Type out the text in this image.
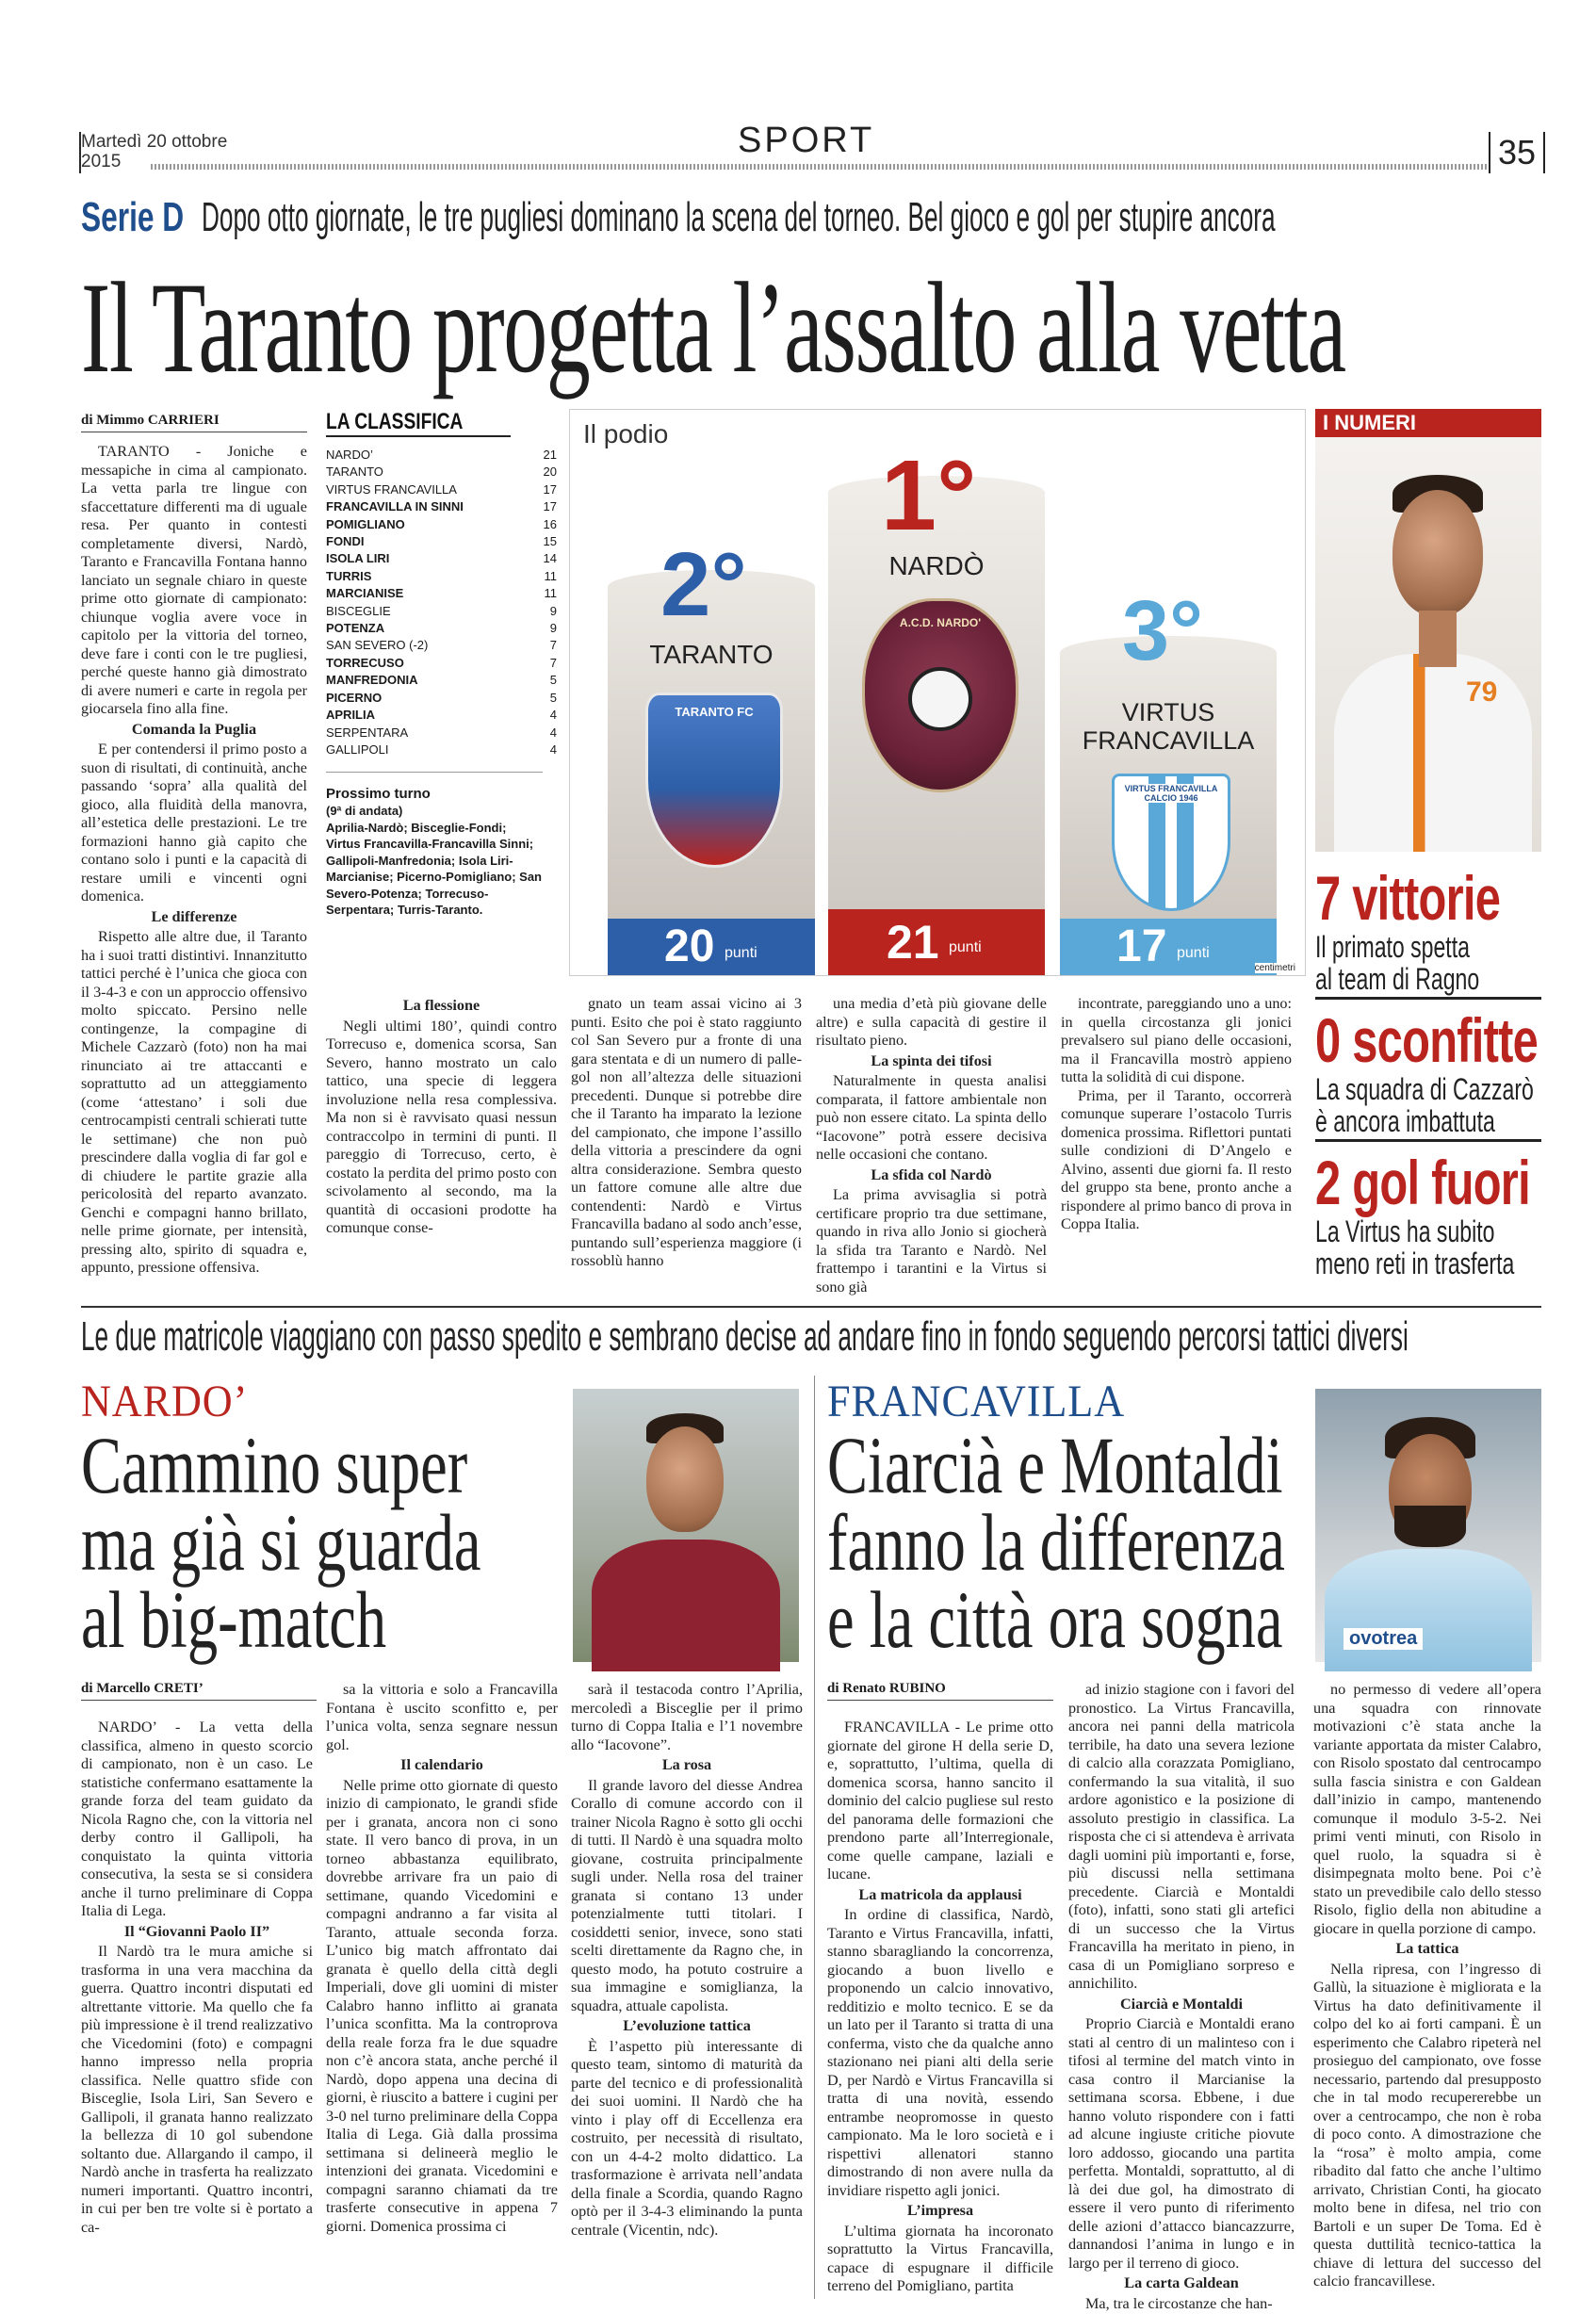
Martedì 20 ottobre
2015
SPORT	35
Serie D Dopo otto giornate, le tre pugliesi dominano la scena del torneo. Bel gioco e gol per stupire ancora
Il Taranto progetta l’assalto alla vetta
di Mimmo CARRIERI

TARANTO - Joniche e messapiche in cima al campionato. La vetta parla tre lingue con sfaccettature differenti ma di uguale resa. Per quanto in contesti completamente diversi, Nardò, Taranto e Francavilla Fontana hanno lanciato un segnale chiaro in queste prime otto giornate di campionato: chiunque voglia avere voce in capitolo per la vittoria del torneo, deve fare i conti con le tre pugliesi, perché queste hanno già dimostrato di avere numeri e carte in regola per giocarsela fino alla fine.

Comanda la Puglia

E per contendersi il primo posto a suon di risultati, di continuità, anche passando ‘sopra’ alla qualità del gioco, alla fluidità della manovra, all’estetica delle prestazioni. Le tre formazioni hanno già capito che contano solo i punti e la capacità di restare umili e vincenti ogni domenica.

Le differenze

Rispetto alle altre due, il Taranto ha i suoi tratti distintivi. Innanzitutto tattici perché è l’unica che gioca con il 3-4-3 e con un approccio offensivo molto spiccato. Persino nelle contingenze, la compagine di Michele Cazzarò (foto) non ha mai rinunciato ai tre attaccanti e soprattutto ad un atteggiamento (come ‘attestano’ i soli due centrocampisti centrali schierati tutte le settimane) che non può prescindere dalla voglia di far gol e di chiudere le partite grazie alla pericolosità del reparto avanzato. Genchi e compagni hanno brillato, nelle prime giornate, per intensità, pressing alto, spirito di squadra e, appunto, pressione offensiva.

LA CLASSIFICA
NARDO’	21
TARANTO	20
VIRTUS FRANCAVILLA	17
FRANCAVILLA IN SINNI	17
POMIGLIANO	16
FONDI	15
ISOLA LIRI	14
TURRIS	11
MARCIANISE	11
BISCEGLIE	9
POTENZA	9
SAN SEVERO (-2)	7
TORRECUSO	7
MANFREDONIA	5
PICERNO	5
APRILIA	4
SERPENTARA	4
GALLIPOLI	4
Prossimo turno
(9ª di andata)
Aprilia-Nardò; Bisceglie-Fondi; Virtus Francavilla-Francavilla Sinni; Gallipoli-Manfredonia; Isola Liri-Marcianise; Picerno-Pomigliano; San Severo-Potenza; Torrecuso-Serpentara; Turris-Taranto.
Il podio
1°
NARDÒ
A.C.D. NARDO'
21 punti
2°
TARANTO
TARANTO FC
20 punti
3°
VIRTUS
FRANCAVILLA
VIRTUS FRANCAVILLA CALCIO 1946
17 punti
centimetri

La flessione

Negli ultimi 180’, quindi contro Torrecuso e, domenica scorsa, San Severo, hanno mostrato un calo tattico, una specie di leggera involuzione nella resa complessiva. Ma non si è ravvisato quasi nessun contraccolpo in termini di punti. Il pareggio di Torrecuso, certo, è costato la perdita del primo posto con scivolamento al secondo, ma la quantità di occasioni prodotte ha comunque conse-

gnato un team assai vicino ai 3 punti. Esito che poi è stato raggiunto col San Severo pur a fronte di una gara stentata e di un numero di palle-gol non all’altezza delle situazioni precedenti. Dunque si potrebbe dire che il Taranto ha imparato la lezione del campionato, che impone l’assillo della vittoria a prescindere da ogni altra considerazione. Sembra questo un fattore comune alle altre due contendenti: Nardò e Virtus Francavilla badano al sodo anch’esse, puntando sull’esperienza maggiore (i rossoblù hanno

una media d’età più giovane delle altre) e sulla capacità di gestire il risultato pieno.

La spinta dei tifosi

Naturalmente in questa analisi comparata, il fattore ambientale non può non essere citato. La spinta dello “Iacovone” potrà essere decisiva nelle occasioni che contano.

La sfida col Nardò

La prima avvisaglia si potrà certificare proprio tra due settimane, quando in riva allo Jonio si giocherà la sfida tra Taranto e Nardò. Nel frattempo i tarantini e la Virtus si sono già

incontrate, pareggiando uno a uno: in quella circostanza gli jonici prevalsero sul piano delle occasioni, ma il Francavilla mostrò appieno tutta la solidità di cui dispone.

Prima, per il Taranto, occorrerà comunque superare l’ostacolo Turris domenica prossima. Riflettori puntati sulle condizioni di D’Angelo e Alvino, assenti due giorni fa. Il resto del gruppo sta bene, pronto anche a rispondere al primo banco di prova in Coppa Italia.

I NUMERI
79
7 vittorie
Il primato spetta
al team di Ragno
0 sconfitte
La squadra di Cazzarò
è ancora imbattuta
2 gol fuori
La Virtus ha subito
meno reti in trasferta
Le due matricole viaggiano con passo spedito e sembrano decise ad andare fino in fondo seguendo percorsi tattici diversi
NARDO’
Cammino super
ma già si guarda
al big-match
di Marcello CRETI’

NARDO’ - La vetta della classifica, almeno in questo scorcio di campionato, non è un caso. Le statistiche confermano esattamente la grande forza del team guidato da Nicola Ragno che, con la vittoria nel derby contro il Gallipoli, ha conquistato la quinta vittoria consecutiva, la sesta se si considera anche il turno preliminare di Coppa Italia di Lega.

Il “Giovanni Paolo II”

Il Nardò tra le mura amiche si trasforma in una vera macchina da guerra. Quattro incontri disputati ed altrettante vittorie. Ma quello che fa più impressione è il trend realizzativo che Vicedomini (foto) e compagni hanno impresso nella propria classifica. Nelle quattro sfide con Bisceglie, Isola Liri, San Severo e Gallipoli, il granata hanno realizzato la bellezza di 10 gol subendone soltanto due. Allargando il campo, il Nardò anche in trasferta ha realizzato numeri importanti. Quattro incontri, in cui per ben tre volte si è portato a ca-

sa la vittoria e solo a Francavilla Fontana è uscito sconfitto e, per l’unica volta, senza segnare nessun gol.

Il calendario

Nelle prime otto giornate di questo inizio di campionato, le grandi sfide per i granata, ancora non ci sono state. Il vero banco di prova, in un torneo abbastanza equilibrato, dovrebbe arrivare fra un paio di settimane, quando Vicedomini e compagni andranno a far visita al Taranto, attuale seconda forza. L’unico big match affrontato dai granata è quello della città degli Imperiali, dove gli uomini di mister Calabro hanno inflitto ai granata l’unica sconfitta. Ma la controprova della reale forza fra le due squadre non c’è ancora stata, anche perché il Nardò, dopo appena una decina di giorni, è riuscito a battere i cugini per 3-0 nel turno preliminare della Coppa Italia di Lega. Già dalla prossima settimana si delineerà meglio le intenzioni dei granata. Vicedomini e compagni saranno chiamati da tre trasferte consecutive in appena 7 giorni. Domenica prossima ci

sarà il testacoda contro l’Aprilia, mercoledì a Bisceglie per il primo turno di Coppa Italia e l’1 novembre allo “Iacovone”.

La rosa

Il grande lavoro del diesse Andrea Corallo di comune accordo con il trainer Nicola Ragno è sotto gli occhi di tutti. Il Nardò è una squadra molto giovane, costruita principalmente sugli under. Nella rosa del trainer granata si contano 13 under potenzialmente tutti titolari. I cosiddetti senior, invece, sono stati scelti direttamente da Ragno che, in questo modo, ha potuto costruire a sua immagine e somiglianza, la squadra, attuale capolista.

L’evoluzione tattica

È l’aspetto più interessante di questo team, sintomo di maturità da parte del tecnico e di professionalità dei suoi uomini. Il Nardò che ha vinto i play off di Eccellenza era costruito, per necessità di risultato, con un 4-4-2 molto didattico. La trasformazione è arrivata nell’andata della finale a Scordia, quando Ragno optò per il 3-4-3 eliminando la punta centrale (Vicentin, ndc).

FRANCAVILLA
Ciarcià e Montaldi
fanno la differenza
e la città ora sogna	ovotrea
di Renato RUBINO

FRANCAVILLA - Le prime otto giornate del girone H della serie D, e, soprattutto, l’ultima, quella di domenica scorsa, hanno sancito il dominio del calcio pugliese sul resto del panorama delle formazioni che prendono parte all’Interregionale, come quelle campane, laziali e lucane.

La matricola da applausi

In ordine di classifica, Nardò, Taranto e Virtus Francavilla, infatti, stanno sbaragliando la concorrenza, giocando a buon livello e proponendo un calcio innovativo, redditizio e molto tecnico. E se da un lato per il Taranto si tratta di una conferma, visto che da qualche anno stazionano nei piani alti della serie D, per Nardò e Virtus Francavilla si tratta di una novità, essendo entrambe neopromosse in questo campionato. Ma le loro società e i rispettivi allenatori stanno dimostrando di non avere nulla da invidiare rispetto agli jonici.

L’impresa

L’ultima giornata ha incoronato soprattutto la Virtus Francavilla, capace di espugnare il difficile terreno del Pomigliano, partita

ad inizio stagione con i favori del pronostico. La Virtus Francavilla, ancora nei panni della matricola terribile, ha dato una severa lezione di calcio alla corazzata Pomigliano, confermando la sua vitalità, il suo ardore agonistico e la posizione di assoluto prestigio in classifica. La risposta che ci si attendeva è arrivata dagli uomini più importanti e, forse, più discussi nella settimana precedente. Ciarcià e Montaldi (foto), infatti, sono stati gli artefici di un successo che la Virtus Francavilla ha meritato in pieno, in casa di un Pomigliano sorpreso e annichilito.

Ciarcià e Montaldi

Proprio Ciarcià e Montaldi erano stati al centro di un malinteso con i tifosi al termine del match vinto in casa contro il Marcianise la settimana scorsa. Ebbene, i due hanno voluto rispondere con i fatti ad alcune ingiuste critiche piovute loro addosso, giocando una partita perfetta. Montaldi, soprattutto, al di là dei due gol, ha dimostrato di essere il vero punto di riferimento delle azioni d’attacco biancazzurre, dannandosi l’anima in lungo e in largo per il terreno di gioco.

La carta Galdean

Ma, tra le circostanze che han-

no permesso di vedere all’opera una squadra con rinnovate motivazioni c’è stata anche la variante apportata da mister Calabro, con Risolo spostato dal centrocampo sulla fascia sinistra e con Galdean dall’inizio in campo, mantenendo comunque il modulo 3-5-2. Nei primi venti minuti, con Risolo in quel ruolo, la squadra si è disimpegnata molto bene. Poi c’è stato un prevedibile calo dello stesso Risolo, figlio della non abitudine a giocare in quella porzione di campo.

La tattica

Nella ripresa, con l’ingresso di Gallù, la situazione è migliorata e la Virtus ha dato definitivamente il colpo del ko ai forti campani. È un esperimento che Calabro ripeterà nel prosieguo del campionato, ove fosse necessario, partendo dal presupposto che in tal modo recupererebbe un over a centrocampo, che non è roba di poco conto. A dimostrazione che la “rosa” è molto ampia, come ribadito dal fatto che anche l’ultimo arrivato, Christian Conti, ha giocato molto bene in difesa, nel trio con Bartoli e un super De Toma. Ed è questa duttilità tecnico-tattica la chiave di lettura del successo del calcio francavillese.
